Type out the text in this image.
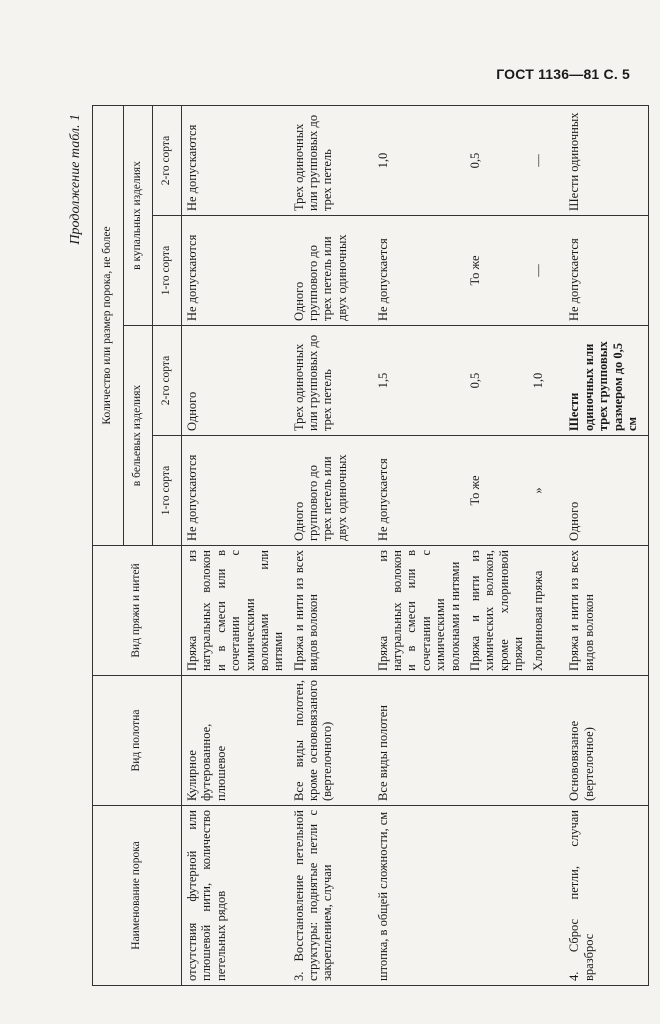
ГОСТ 1136—81 С. 5
Продолжение табл. 1
Наименование порока	Вид полотна	Вид пряжи и нитей	Количество или размер порока, не более			
			в бельевых изделиях		в купальных изделиях	
			1-го сорта	2-го сорта	1-го сорта	2-го сорта
отсутствия футерной или плюшевой нити, количество петельных рядов	Кулирное футерованное, плюшевое	Пряжа из натуральных волокон и в смеси или в сочетании с химическими волокнами или нитями	Не допускаются	Одного	Не допускаются	Не допускаются
3. Восстановление петельной структуры: поднятые петли с закреплением, случаи	Все виды полотен, кроме основовязаного (вертелочного)	Пряжа и нити из всех видов волокон	Одного группового до трех петель или двух одиночных	Трех одиночных или групповых до трех петель	Одного группового до трех петель или двух одиночных	Трех одиночных или групповых до трех петель
штопка, в общей сложности, см	Все виды полотен	Пряжа из натуральных волокон и в смеси или в сочетании с химическими волокнами и нитями	Не допускается	1,5	Не допускается	1,0
		Пряжа и нити из химических волокон, кроме хлориновой пряжи	То же	0,5	То же	0,5
		Хлориновая пряжа	»	1,0	—	—
4. Сброс петли, случаи вразброс	Основовязаное (вертелочное)	Пряжа и нити из всех видов волокон	Одного	Шести одиночных или трех групповых размером до 0,5 см	Не допускается	Шести одиночных
